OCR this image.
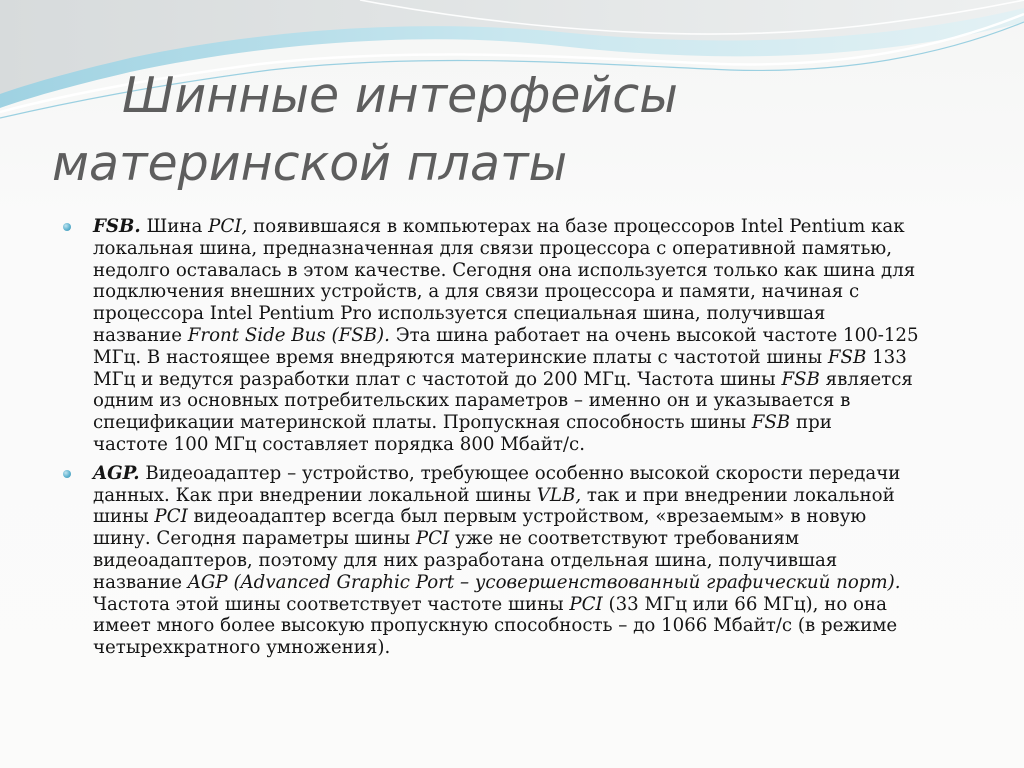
Шинные интерфейсы
материнской платы
FSB. Шина PCI, появившаяся в компьютерах на базе процессоров Intel Pentium как
локальная шина, предназначенная для связи процессора с оперативной памятью,
недолго оставалась в этом качестве. Сегодня она используется только как шина для
подключения внешних устройств, а для связи процессора и памяти, начиная с
процессора Intel Pentium Pro используется специальная шина, получившая
название Front Side Bus (FSB). Эта шина работает на очень высокой частоте 100-125
МГц. В настоящее время внедряются материнские платы с частотой шины FSB 133
МГц и ведутся разработки плат с частотой до 200 МГц. Частота шины FSB является
одним из основных потребительских параметров – именно он и указывается в
спецификации материнской платы. Пропускная способность шины FSB при
частоте 100 МГц составляет порядка 800 Мбайт/с.
AGP. Видеоадаптер – устройство, требующее особенно высокой скорости передачи
данных. Как при внедрении локальной шины VLB, так и при внедрении локальной
шины PCI видеоадаптер всегда был первым устройством, «врезаемым» в новую
шину. Сегодня параметры шины PCI уже не соответствуют требованиям
видеоадаптеров, поэтому для них разработана отдельная шина, получившая
название AGP (Advanced Graphic Port – усовершенствованный графический порт).
Частота этой шины соответствует частоте шины PCI (33 МГц или 66 МГц), но она
имеет много более высокую пропускную способность – до 1066 Мбайт/с (в режиме
четырехкратного умножения).
